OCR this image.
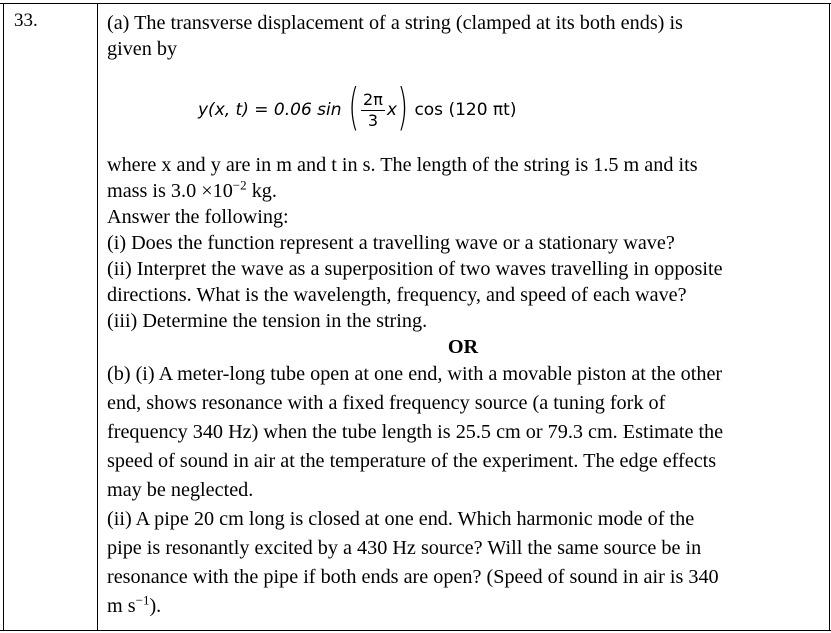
33.	(a) The transverse displacement of a string (clamped at its both ends) is
given by
where x and y are in m and t in s. The length of the string is 1.5 m and its
mass is $3.0 \times 10^{-2}$ kg.
Answer the following:
(i) Does the function represent a travelling wave or a stationary wave?
(ii) Interpret the wave as a superposition of two waves travelling in opposite
directions. What is the wavelength, frequency, and speed of each wave?
(iii) Determine the tension in the string.
OR
(b) (i) A meter-long tube open at one end, with a movable piston at the other
end, shows resonance with a fixed frequency source (a tuning fork of
frequency 340 Hz) when the tube length is 25.5 cm or 79.3 cm. Estimate the
speed of sound in air at the temperature of the experiment. The edge effects
may be neglected.
(ii) A pipe 20 cm long is closed at one end. Which harmonic mode of the
pipe is resonantly excited by a 430 Hz source? Will the same source be in
resonance with the pipe if both ends are open? (Speed of sound in air is 340
m $s^{-1}$).
y(x, t) = 0.06 sin ( $\frac{2\pi}{3}$ x ) cos (120 πt)
